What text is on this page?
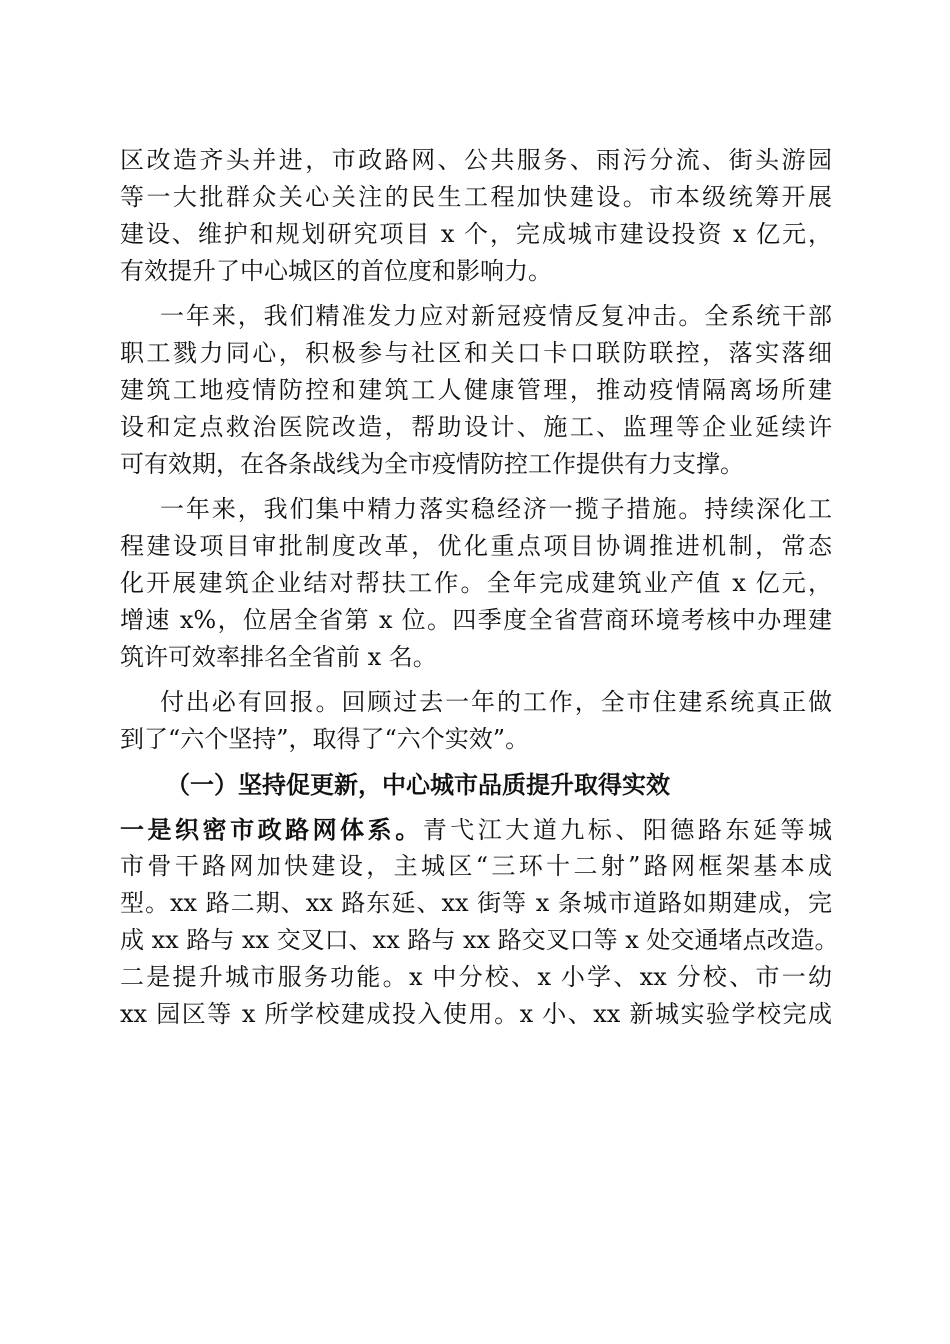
区改造齐头并进，市政路网、公共服务、雨污分流、街头游园
等一大批群众关心关注的民生工程加快建设。市本级统筹开展
建设、维护和规划研究项目 x 个，完成城市建设投资 x 亿元，
有效提升了中心城区的首位度和影响力。
一年来，我们精准发力应对新冠疫情反复冲击。全系统干部
职工戮力同心，积极参与社区和关口卡口联防联控，落实落细
建筑工地疫情防控和建筑工人健康管理，推动疫情隔离场所建
设和定点救治医院改造，帮助设计、施工、监理等企业延续许
可有效期，在各条战线为全市疫情防控工作提供有力支撑。
一年来，我们集中精力落实稳经济一揽子措施。持续深化工
程建设项目审批制度改革，优化重点项目协调推进机制，常态
化开展建筑企业结对帮扶工作。全年完成建筑业产值 x 亿元，
增速 x%，位居全省第 x 位。四季度全省营商环境考核中办理建
筑许可效率排名全省前 x 名。
付出必有回报。回顾过去一年的工作，全市住建系统真正做
到了“六个坚持”，取得了“六个实效”。
（一）坚持促更新，中心城市品质提升取得实效
一是织密市政路网体系。青弋江大道九标、阳德路东延等城
市骨干路网加快建设，主城区“三环十二射”路网框架基本成
型。xx 路二期、xx 路东延、xx 街等 x 条城市道路如期建成，完
成 xx 路与 xx 交叉口、xx 路与 xx 路交叉口等 x 处交通堵点改造。
二是提升城市服务功能。x 中分校、x 小学、xx 分校、市一幼
xx 园区等 x 所学校建成投入使用。x 小、xx 新城实验学校完成
